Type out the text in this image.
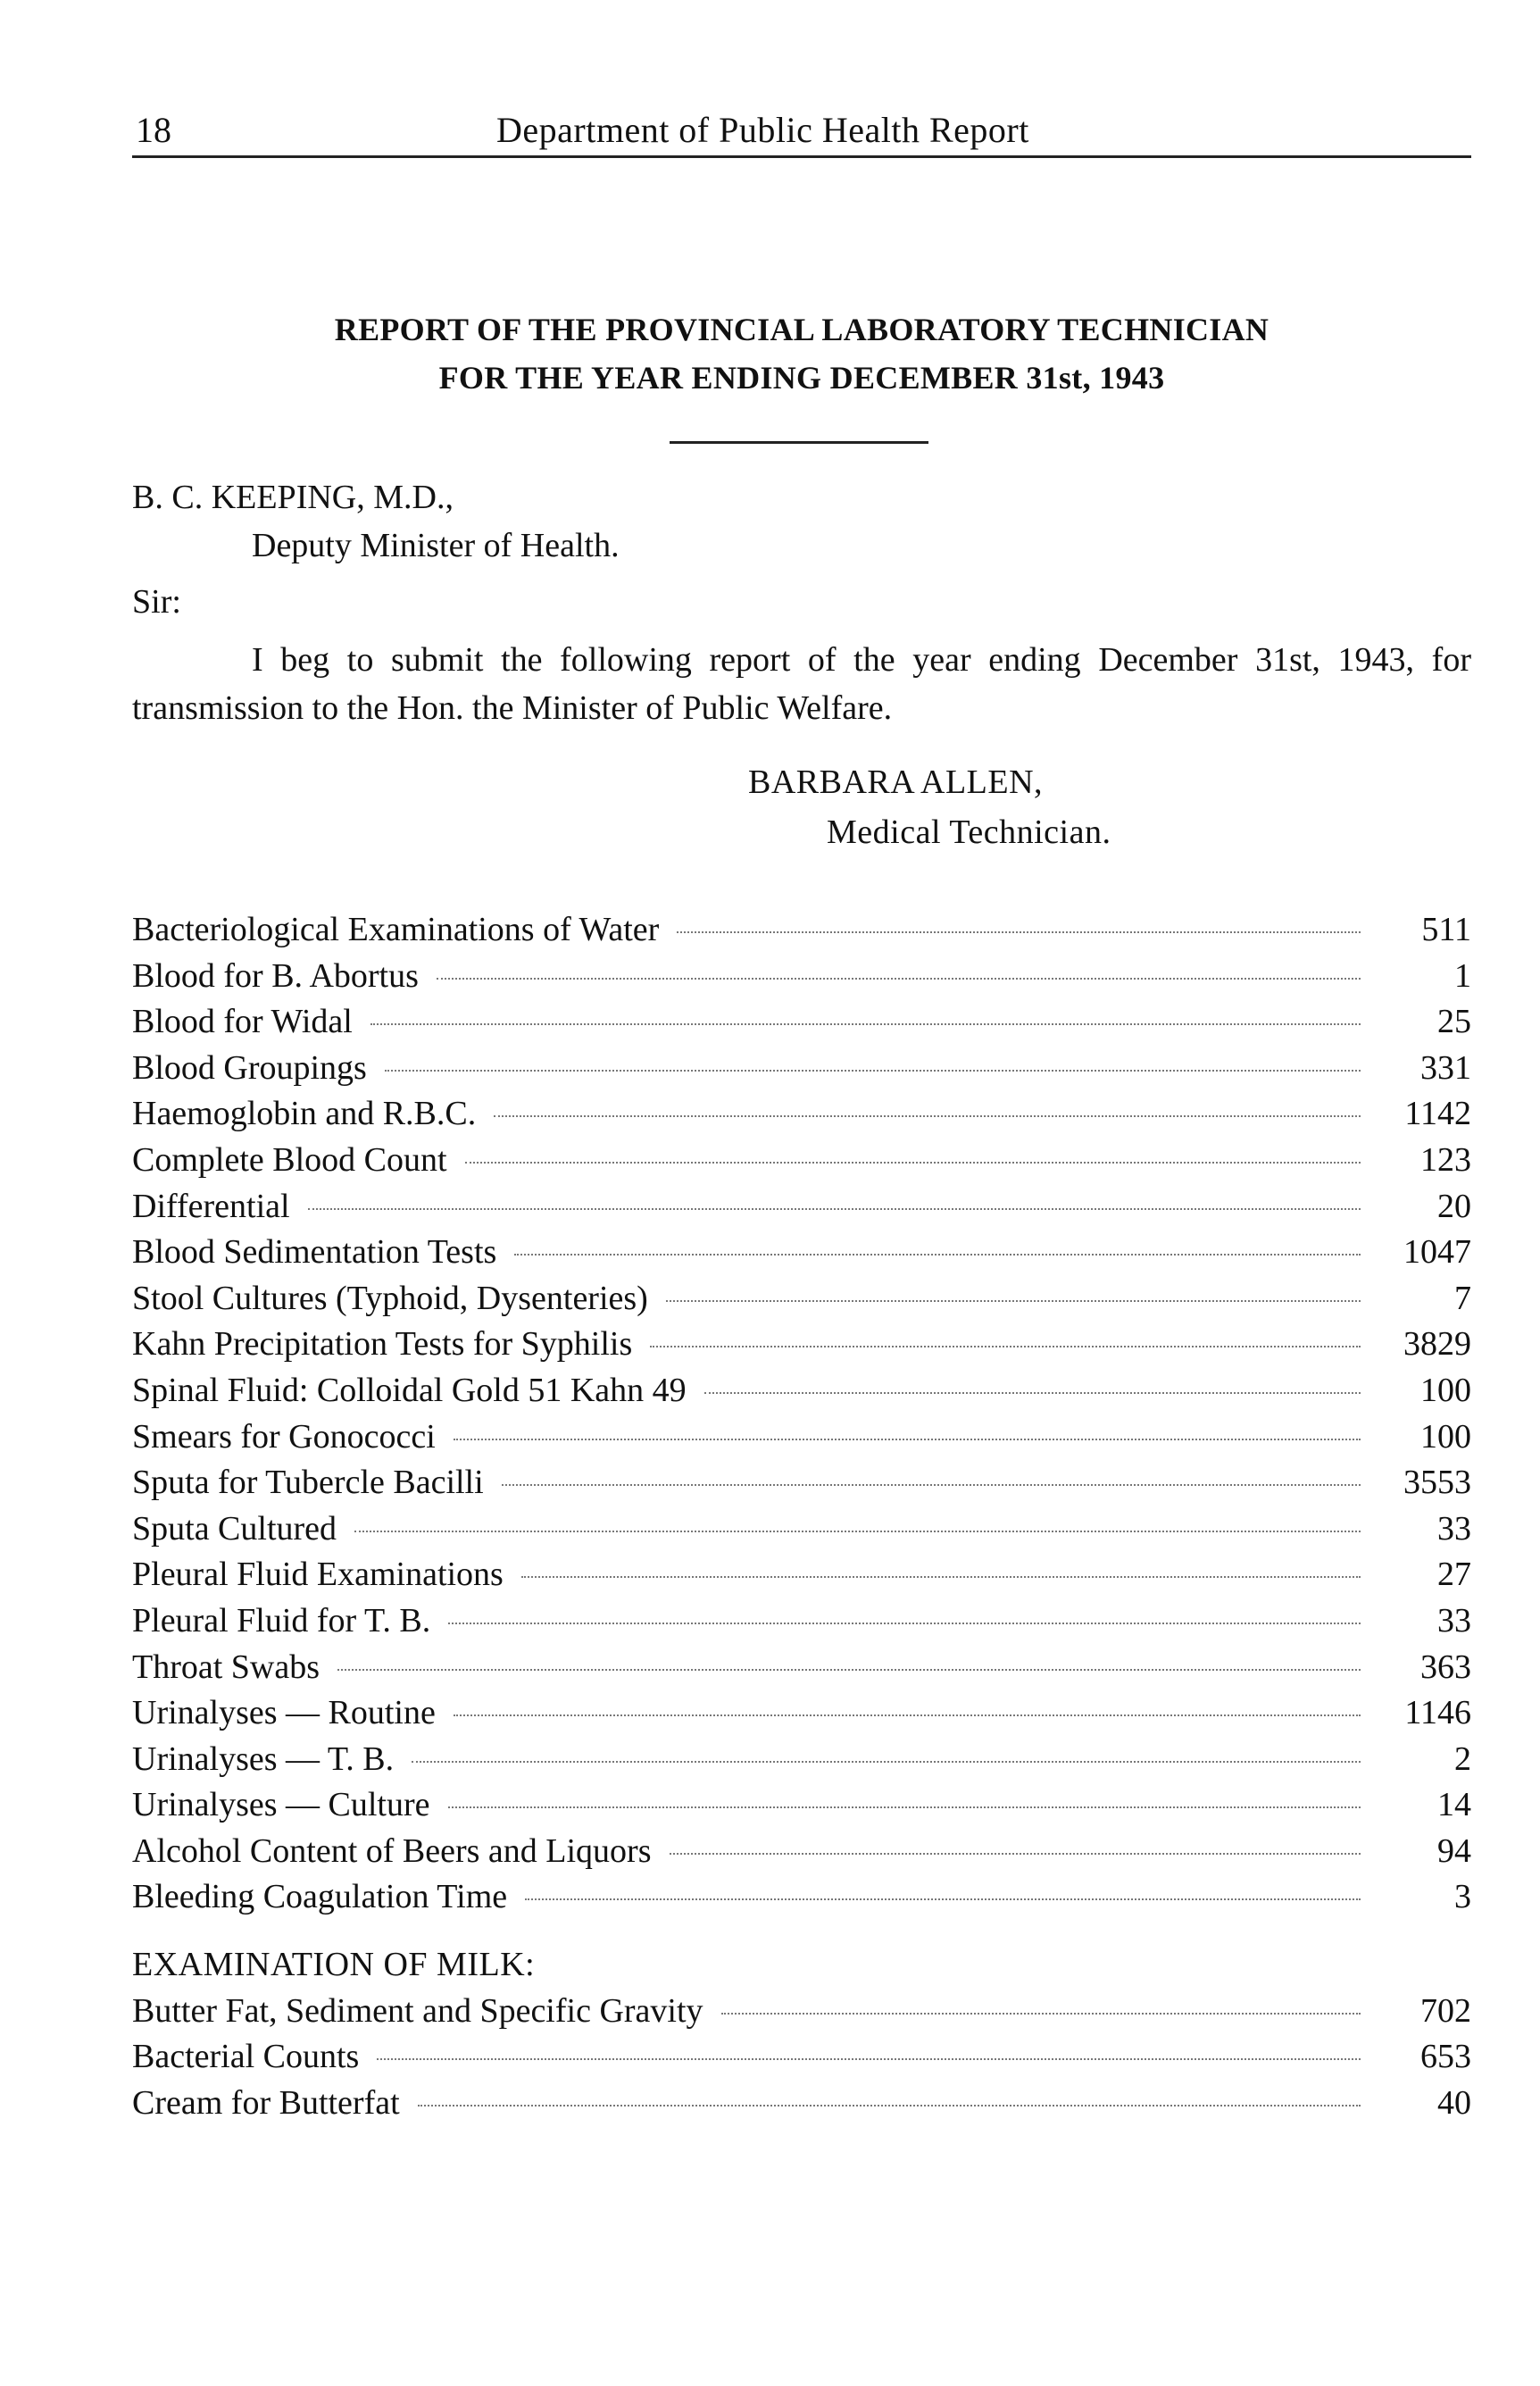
18	Department of Public Health Report
REPORT OF THE PROVINCIAL LABORATORY TECHNICIAN
FOR THE YEAR ENDING DECEMBER 31st, 1943
B. C. KEEPING, M.D.,
Deputy Minister of Health.
Sir:
I beg to submit the following report of the year ending December 31st, 1943, for transmission to the Hon. the Minister of Public Welfare.
BARBARA ALLEN,
Medical Technician.
Bacteriological Examinations of Water	511
Blood for B. Abortus	1
Blood for Widal	25
Blood Groupings	331
Haemoglobin and R.B.C.	1142
Complete Blood Count	123
Differential	20
Blood Sedimentation Tests	1047
Stool Cultures (Typhoid, Dysenteries)	7
Kahn Precipitation Tests for Syphilis	3829
Spinal Fluid: Colloidal Gold 51 Kahn 49	100
Smears for Gonococci	100
Sputa for Tubercle Bacilli	3553
Sputa Cultured	33
Pleural Fluid Examinations	27
Pleural Fluid for T. B.	33
Throat Swabs	363
Urinalyses — Routine	1146
Urinalyses — T. B.	2
Urinalyses — Culture	14
Alcohol Content of Beers and Liquors	94
Bleeding Coagulation Time	3
EXAMINATION OF MILK:
Butter Fat, Sediment and Specific Gravity	702
Bacterial Counts	653
Cream for Butterfat	40
